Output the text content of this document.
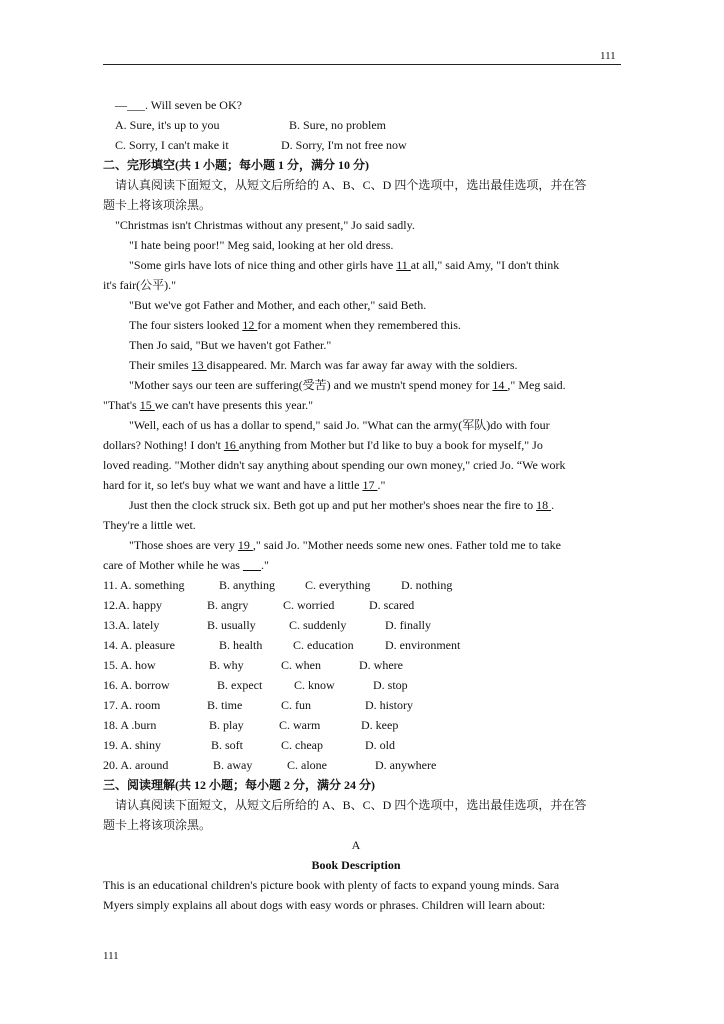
111
—___. Will seven be OK?
A. Sure, it's up to you	B. Sure, no problem
C. Sorry, I can't make it	D. Sorry, I'm not free now
二、完形填空(共 1 小题；每小题 1 分，满分 10 分)
请认真阅读下面短文，从短文后所给的 A、B、C、D 四个选项中，选出最佳选项，并在答
题卡上将该项涂黑。
"Christmas isn't Christmas without any present," Jo said sadly.
"I hate being poor!" Meg said, looking at her old dress.
"Some girls have lots of nice thing and other girls have 11 at all," said Amy, "I don't think
it's fair(公平)."
"But we've got Father and Mother, and each other," said Beth.
The four sisters looked 12 for a moment when they remembered this.
Then Jo said, "But we haven't got Father."
Their smiles 13 disappeared. Mr. March was far away far away with the soldiers.
"Mother says our teen are suffering(受苦) and we mustn't spend money for 14 ," Meg said.
"That's 15 we can't have presents this year."
"Well, each of us has a dollar to spend," said Jo. "What can the army(军队)do with four
dollars? Nothing! I don't 16 anything from Mother but I'd like to buy a book for myself," Jo
loved reading. "Mother didn't say anything about spending our own money," cried Jo. “We work
hard for it, so let's buy what we want and have a little 17 ."
Just then the clock struck six. Beth got up and put her mother's shoes near the fire to 18 .
They're a little wet.
"Those shoes are very 19 ," said Jo. "Mother needs some new ones. Father told me to take
care of Mother while he was ___."
11. A. something	B. anything	C. everything	D. nothing
12.A. happy	B. angry	C. worried	D. scared
13.A. lately	B. usually	C. suddenly	D. finally
14. A. pleasure	B. health	C. education	D. environment
15. A. how	B. why	C. when	D. where
16. A. borrow	B. expect	C. know	D. stop
17. A. room	B. time	C. fun	D. history
18. A .burn	B. play	C. warm	D. keep
19. A. shiny	B. soft	C. cheap	D. old
20. A. around	B. away	C. alone	D. anywhere
三、阅读理解(共 12 小题；每小题 2 分，满分 24 分)
请认真阅读下面短文，从短文后所给的 A、B、C、D 四个选项中，选出最佳选项，并在答
题卡上将该项涂黑。
A
Book Description
This is an educational children's picture book with plenty of facts to expand young minds. Sara
Myers simply explains all about dogs with easy words or phrases. Children will learn about:
111
